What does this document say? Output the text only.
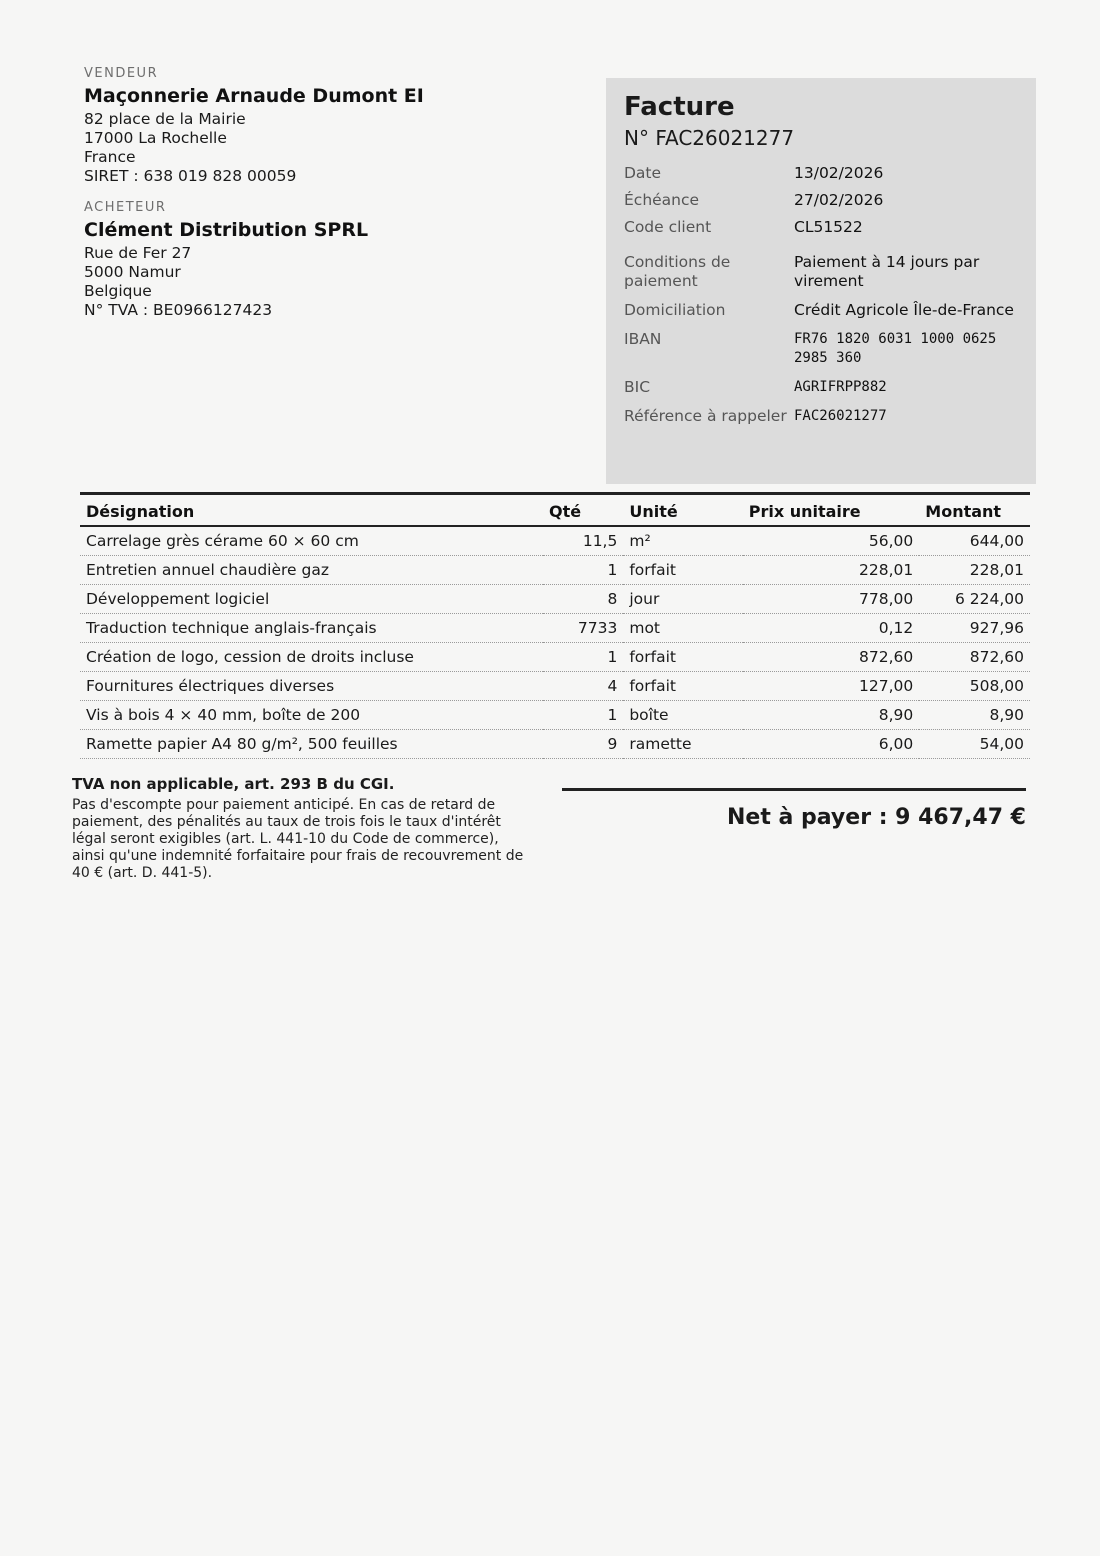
VENDEUR
Maçonnerie Arnaude Dumont EI
82 place de la Mairie
17000 La Rochelle
France
SIRET : 638 019 828 00059
ACHETEUR
Clément Distribution SPRL
Rue de Fer 27
5000 Namur
Belgique
N° TVA : BE0966127423
Facture
N° FAC26021277
Date	13/02/2026
Échéance	27/02/2026
Code client	CL51522
Conditions de paiement
Paiement à 14 jours par virement
Domiciliation	Crédit Agricole Île-de-France
IBAN	FR76 1820 6031 1000 0625 2985 360
BIC	AGRIFRPP882
Référence à rappeler FAC26021277
Désignation	Qté	Unité	Prix unitaire	Montant
Carrelage grès cérame 60 × 60 cm	11,5	m²	56,00	644,00
Entretien annuel chaudière gaz	1	forfait	228,01	228,01
Développement logiciel	8	jour	778,00	6 224,00
Traduction technique anglais-français	7733	mot	0,12	927,96
Création de logo, cession de droits incluse	1	forfait	872,60	872,60
Fournitures électriques diverses	4	forfait	127,00	508,00
Vis à bois 4 × 40 mm, boîte de 200	1	boîte	8,90	8,90
Ramette papier A4 80 g/m², 500 feuilles	9	ramette	6,00	54,00
TVA non applicable, art. 293 B du CGI.
Pas d'escompte pour paiement anticipé. En cas de retard de paiement, des pénalités au taux de trois fois le taux d'intérêt légal seront exigibles (art. L. 441-10 du Code de commerce), ainsi qu'une indemnité forfaitaire pour frais de recouvrement de 40 € (art. D. 441-5).
Net à payer : 9 467,47 €
